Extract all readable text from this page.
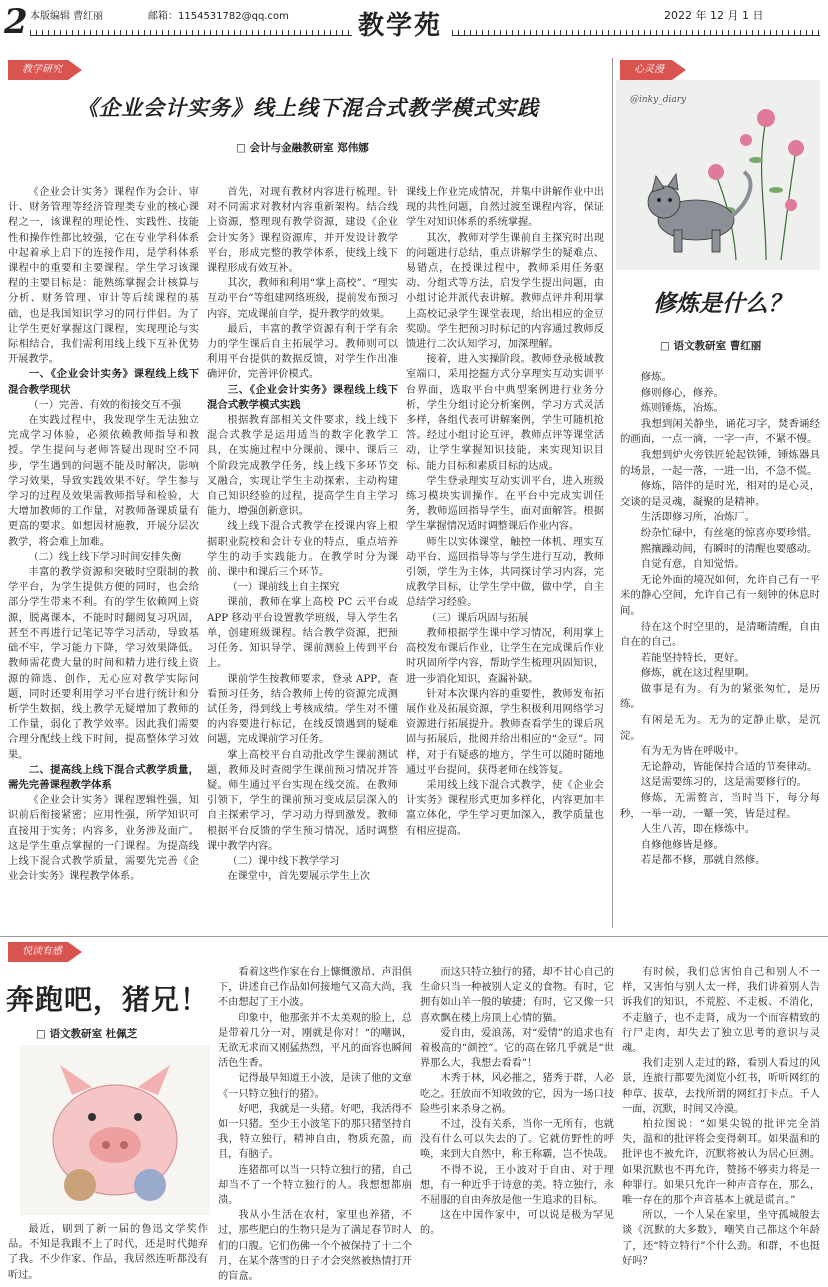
2 本版编辑 曹红丽	邮箱：1154531782@qq.com	教学苑	2022 年 12 月 1 日
教学研究
《企业会计实务》线上线下混合式教学模式实践
□ 会计与金融教研室 郑伟娜

《企业会计实务》课程作为会计、审计、财务管理等经济管理类专业的核心课程之一，该课程的理论性、实践性、技能性和操作性都比较强，它在专业学科体系中起着承上启下的连接作用，是学科体系课程中的重要和主要课程。学生学习该课程的主要目标是：能熟练掌握会计核算与分析、财务管理、审计等后续课程的基础，也是我国知识学习的同行伴侣。为了让学生更好掌握这门课程，实现理论与实际相结合，我们需利用线上线下互补优势开展教学。

一、《企业会计实务》课程线上线下混合教学现状

（一）完善、有效的衔接交互不强

在实践过程中，我发现学生无法独立完成学习体验，必须依赖教师指导和教授。学生提问与老师答疑出现时空不同步，学生遇到的问题不能及时解决，影响学习效果，导致实践效果不好。学生参与学习的过程及效果需教师指导和检验，大大增加教师的工作量，对教师备课质量有更高的要求。如想因材施教，开展分层次教学，将会难上加难。

（二）线上线下学习时间安排失衡

丰富的教学资源和突破时空限制的教学平台，为学生提供方便的同时，也会给部分学生带来不利。有的学生依赖网上资源，脱离课本，不能时时翻阅复习巩固，甚至不再进行记笔记等学习活动，导致基础不牢，学习能力下降，学习效果降低。教师需花费大量的时间和精力进行线上资源的筛选、创作，无心应对教学实际问题，同时还要利用学习平台进行统计和分析学生数据，线上教学无疑增加了教师的工作量，弱化了教学效率。因此我们需要合理分配线上线下时间，提高整体学习效果。

二、提高线上线下混合式教学质量，需先完善课程教学体系

《企业会计实务》课程逻辑性强，知识前后衔接紧密；应用性强，所学知识可直接用于实务；内容多，业务涉及面广。这是学生重点掌握的一门课程。为提高线上线下混合式教学质量，需要先完善《企业会计实务》课程教学体系。

首先，对现有教材内容进行梳理。针对不同需求对教材内容重新架构。结合线上资源，整理现有教学资源，建设《企业会计实务》课程资源库，并开发设计教学平台，形成完整的教学体系，使线上线下课程形成有效互补。

其次，教师和利用“掌上高校”、“理实互动平台”等组建网络班级，提前发布预习内容，完成课前自学，提升教学的效果。

最后，丰富的教学资源有利于学有余力的学生课后自主拓展学习。教师则可以利用平台提供的数据反馈，对学生作出准确评价，完善评价模式。

三、《企业会计实务》课程线上线下混合式教学模式实践

根据教育部相关文件要求，线上线下混合式教学是运用适当的数字化教学工具，在实施过程中分课前、课中、课后三个阶段完成教学任务，线上线下多环节交叉融合，实现让学生主动探索、主动构建自己知识经验的过程，提高学生自主学习能力，增强创新意识。

线上线下混合式教学在授课内容上根据职业院校和会计专业的特点，重点培养学生的动手实践能力。在教学时分为课前、课中和课后三个环节。

（一）课前线上自主探究

课前，教师在掌上高校 PC 云平台或 APP 移动平台设置教学班级，导入学生名单，创建班级课程。结合教学资源，把预习任务、知识导学、课前测验上传到平台上。

课前学生按教师要求，登录 APP，查看预习任务，结合教师上传的资源完成测试任务，得到线上考核成绩。学生对不懂的内容要进行标记，在线反馈遇到的疑难问题，完成课前学习任务。

掌上高校平台自动批改学生课前测试题，教师及时查阅学生课前预习情况并答疑。师生通过平台实现在线交流。在教师引领下，学生的课前预习变成层层深入的自主探索学习，学习动力得到激发。教师根据平台反馈的学生预习情况，适时调整课中教学内容。

（二）课中线下教学学习

在课堂中，首先要展示学生上次

课线上作业完成情况，并集中讲解作业中出现的共性问题，自然过渡至课程内容，保证学生对知识体系的系统掌握。

其次，教师对学生课前自主探究时出现的问题进行总结，重点讲解学生的疑难点、易错点，在授课过程中，教师采用任务驱动、分组式等方法，启发学生提出问题，由小组讨论并派代表讲解。教师点评并利用掌上高校记录学生课堂表现，给出相应的金豆奖励。学生把预习时标记的内容通过教师反馈进行二次认知学习，加深理解。

接着，进入实操阶段。教师登录极域教室端口，采用挖掘方式分享理实互动实训平台界面，选取平台中典型案例进行业务分析，学生分组讨论分析案例，学习方式灵活多样，各组代表可讲解案例，学生可随机抢答。经过小组讨论互评，教师点评等课堂活动，让学生掌握知识技能，来实现知识目标、能力目标和素质目标的达成。

学生登录理实互动实训平台，进入班级练习模块实训操作。在平台中完成实训任务，教师巡回指导学生，面对面解答。根据学生掌握情况适时调整课后作业内容。

师生以实体课堂，触控一体机、理实互动平台、巡回指导等与学生进行互动，教师引领，学生为主体，共同探讨学习内容，完成教学目标，让学生学中做，做中学，自主总结学习经验。

（三）课后巩固与拓展

教师根据学生课中学习情况，利用掌上高校发布课后作业，让学生在完成课后作业时巩固所学内容，帮助学生梳理巩固知识，进一步消化知识，查漏补缺。

针对本次课内容的重要性，教师发布拓展作业及拓展资源，学生积极利用网络学习资源进行拓展提升。教师查看学生的课后巩固与拓展后，批阅并给出相应的“金豆”。同样，对于有疑惑的地方，学生可以随时随地通过平台提问，获得老师在线答复。

采用线上线下混合式教学，使《企业会计实务》课程形式更加多样化，内容更加丰富立体化，学生学习更加深入，教学质量也有相应提高。

心灵漫
@inky_diary
修炼是什么？
□ 语文教研室 曹红丽

修炼。

修则修心，修养。

炼则锤炼，冶炼。

我想到闲关静坐，诵花习字，焚香诵经的画面，一点一滴，一字一声，不紧不慢。

我想到炉火旁铁匠轮起铁锤，锤炼器具的场景，一起一落，一进一出，不急不慌。

修炼，陪伴的是时光，相对的是心灵，交谈的是灵魂，凝聚的是精神。

生活即修习所，冶炼厂。

纷杂忙碌中，有丝毫的惊喜亦要珍惜。

熙攘躁动间，有瞬时的清醒也要感动。

自觉有意，自知觉悟。

无论外面的境况如何，允许自己有一平米的静心空间，允许自己有一刻钟的休息时间。

待在这个时空里的，是清晰清醒，自由自在的自己。

若能坚持特长，更好。

修炼，就在这过程里啊。

做事是有为。有为的紧张匆忙，是历练。

有闲是无为。无为的定静止歇，是沉淀。

有为无为皆在呼吸中。

无论静动，皆能保持合适的节奏律动。

这是需要练习的，这是需要修行的。

修炼，无需赘言，当时当下，每分每秒，一举一动，一颦一笑，皆是过程。

人生八苦，即在修炼中。

自修他修皆是修。

若是都不修，那就自然修。

悦读有感
奔跑吧，猪兄！
□ 语文教研室 杜佩芝

最近，刷到了新一届的鲁迅文学奖作品。不知是我跟不上了时代，还是时代抛弃了我。不少作家、作品，我居然连听都没有听过。

看着这些作家在台上慷慨激昂、声泪俱下，讲述自己作品如何接地气又高大尚，我不由想起了王小波。

印象中，他那张并不太美观的脸上，总是带着几分一对，刚就是你对！“的嘲讽，无欲无求而又刚猛热烈，平凡的面容也瞬间活色生香。

记得最早知道王小波，是读了他的文章《一只特立独行的猪》。

好吧，我就是一头猪。好吧，我活得不如一只猪。至少王小波笔下的那只猪坚持自我，特立独行，精神自由，物质充盈，而且，有脑子。

连猪都可以当一只特立独行的猪，自己却当不了一个特立独行的人。我想想都崩溃。

我从小生活在农村，家里也养猪，不过，那些肥白的生物只是为了满足春节时人们的口腹。它们伤佛一个个被保持了十二个月，在某个落雪的日子才会突然被热情打开的盲盒。

而这只特立独行的猪，却不甘心自己的生命只当一种被别人定义的食物。有时，它拥有如山羊一般的敏捷；有时，它又像一只喜欢飘在楼上房顶上心情的猫。

爱自由，爱浪荡，对“爱情”的追求也有着极高的“颜控”。它的高在铭几乎就是“世界那么大，我想去看看”！

木秀于林，风必摧之，猪秀于群，人必吃之。狂放而不知收敛的它，因为一场口技险些引来杀身之祸。

不过，没有关系，当你一无所有，也就没有什么可以失去的了。它就仿野性的呼唤，来到大自然中，称王称霸，岂不快哉。

不得不说，王小波对于自由、对于理想，有一种近乎于诗意的美。特立独行，永不屈服的自由奔放是他一生追求的目标。

这在中国作家中，可以说是极为罕见的。

有时候，我们总害怕自己和别人不一样，又害怕与别人太一样，我们讲着别人告诉我们的知识，不荒腔、不走板、不消化，不走脑子，也不走肾，成为一个而容精致的行尸走肉，却失去了独立思考的意识与灵魂。

我们走别人走过的路，看别人看过的风景，连旅行都要先浏览小红书，听听网红的种草、拔草，去找所谓的网红打卡点。千人一面，沉默，时间又冷漠。

柏拉图说：“如果尖锐的批评完全消失，温和的批评将会变得刺耳。如果温和的批评也不被允许，沉默将被认为居心叵测。如果沉默也不再允许，赞扬不够卖力将是一种罪行。如果只允许一种声音存在，那么，唯一存在的那个声音基本上就是谎言。”

所以，一个人呆在家里，坐守孤城般去谈《沉默的大多数》，嘲笑自己都这个年龄了，还“特立特行”个什么劲。和群，不也挺好吗？
